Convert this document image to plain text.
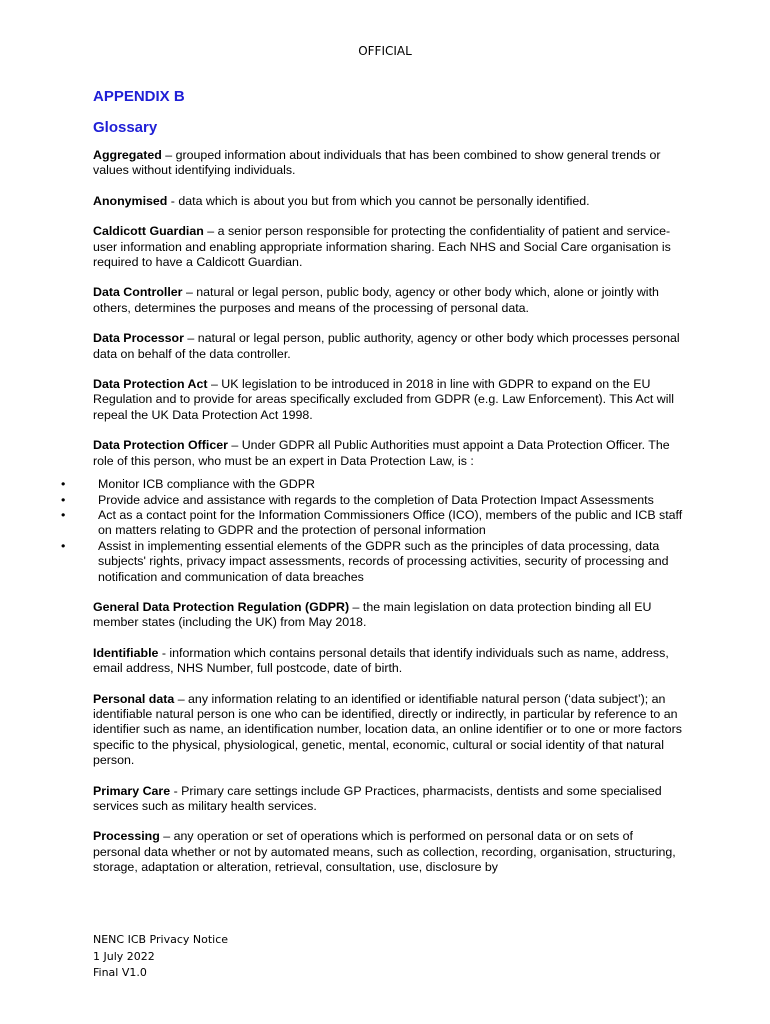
OFFICIAL
APPENDIX B
Glossary

Aggregated – grouped information about individuals that has been combined to show general trends or values without identifying individuals.

Anonymised - data which is about you but from which you cannot be personally identified.

Caldicott Guardian – a senior person responsible for protecting the confidentiality of patient and service-user information and enabling appropriate information sharing. Each NHS and Social Care organisation is required to have a Caldicott Guardian.

Data Controller – natural or legal person, public body, agency or other body which, alone or jointly with others, determines the purposes and means of the processing of personal data.

Data Processor – natural or legal person, public authority, agency or other body which processes personal data on behalf of the data controller.

Data Protection Act – UK legislation to be introduced in 2018 in line with GDPR to expand on the EU Regulation and to provide for areas specifically excluded from GDPR (e.g. Law Enforcement). This Act will repeal the UK Data Protection Act 1998.

Data Protection Officer – Under GDPR all Public Authorities must appoint a Data Protection Officer. The role of this person, who must be an expert in Data Protection Law, is :

• Monitor ICB compliance with the GDPR
• Provide advice and assistance with regards to the completion of Data Protection Impact Assessments
• Act as a contact point for the Information Commissioners Office (ICO), members of the public and ICB staff on matters relating to GDPR and the protection of personal information
• Assist in implementing essential elements of the GDPR such as the principles of data processing, data subjects' rights, privacy impact assessments, records of processing activities, security of processing and notification and communication of data breaches

General Data Protection Regulation (GDPR) – the main legislation on data protection binding all EU member states (including the UK) from May 2018.

Identifiable - information which contains personal details that identify individuals such as name, address, email address, NHS Number, full postcode, date of birth.

Personal data – any information relating to an identified or identifiable natural person (‘data subject’); an identifiable natural person is one who can be identified, directly or indirectly, in particular by reference to an identifier such as name, an identification number, location data, an online identifier or to one or more factors specific to the physical, physiological, genetic, mental, economic, cultural or social identity of that natural person.

Primary Care - Primary care settings include GP Practices, pharmacists, dentists and some specialised services such as military health services.

Processing – any operation or set of operations which is performed on personal data or on sets of personal data whether or not by automated means, such as collection, recording, organisation, structuring, storage, adaptation or alteration, retrieval, consultation, use, disclosure by

NENC ICB Privacy Notice
1 July 2022
Final V1.0
